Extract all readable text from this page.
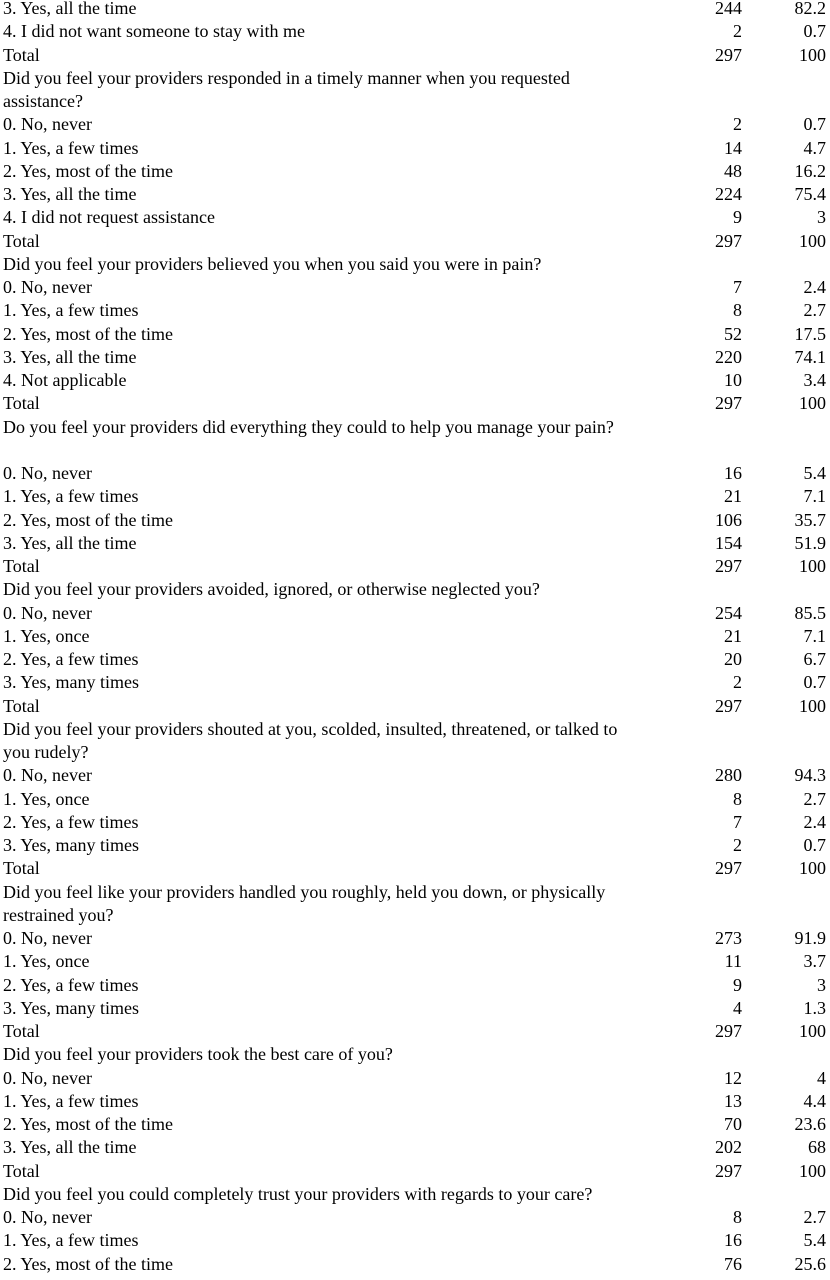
3. Yes, all the time	244	82.2
4. I did not want someone to stay with me	2	0.7
Total	297	100
Did you feel your providers responded in a timely manner when you requested assistance?
0. No, never	2	0.7
1. Yes, a few times	14	4.7
2. Yes, most of the time	48	16.2
3. Yes, all the time	224	75.4
4. I did not request assistance	9	3
Total	297	100
Did you feel your providers believed you when you said you were in pain?
0. No, never	7	2.4
1. Yes, a few times	8	2.7
2. Yes, most of the time	52	17.5
3. Yes, all the time	220	74.1
4. Not applicable	10	3.4
Total	297	100
Do you feel your providers did everything they could to help you manage your pain?
0. No, never	16	5.4
1. Yes, a few times	21	7.1
2. Yes, most of the time	106	35.7
3. Yes, all the time	154	51.9
Total	297	100
Did you feel your providers avoided, ignored, or otherwise neglected you?
0. No, never	254	85.5
1. Yes, once	21	7.1
2. Yes, a few times	20	6.7
3. Yes, many times	2	0.7
Total	297	100
Did you feel your providers shouted at you, scolded, insulted, threatened, or talked to you rudely?
0. No, never	280	94.3
1. Yes, once	8	2.7
2. Yes, a few times	7	2.4
3. Yes, many times	2	0.7
Total	297	100
Did you feel like your providers handled you roughly, held you down, or physically restrained you?
0. No, never	273	91.9
1. Yes, once	11	3.7
2. Yes, a few times	9	3
3. Yes, many times	4	1.3
Total	297	100
Did you feel your providers took the best care of you?
0. No, never	12	4
1. Yes, a few times	13	4.4
2. Yes, most of the time	70	23.6
3. Yes, all the time	202	68
Total	297	100
Did you feel you could completely trust your providers with regards to your care?
0. No, never	8	2.7
1. Yes, a few times	16	5.4
2. Yes, most of the time	76	25.6
